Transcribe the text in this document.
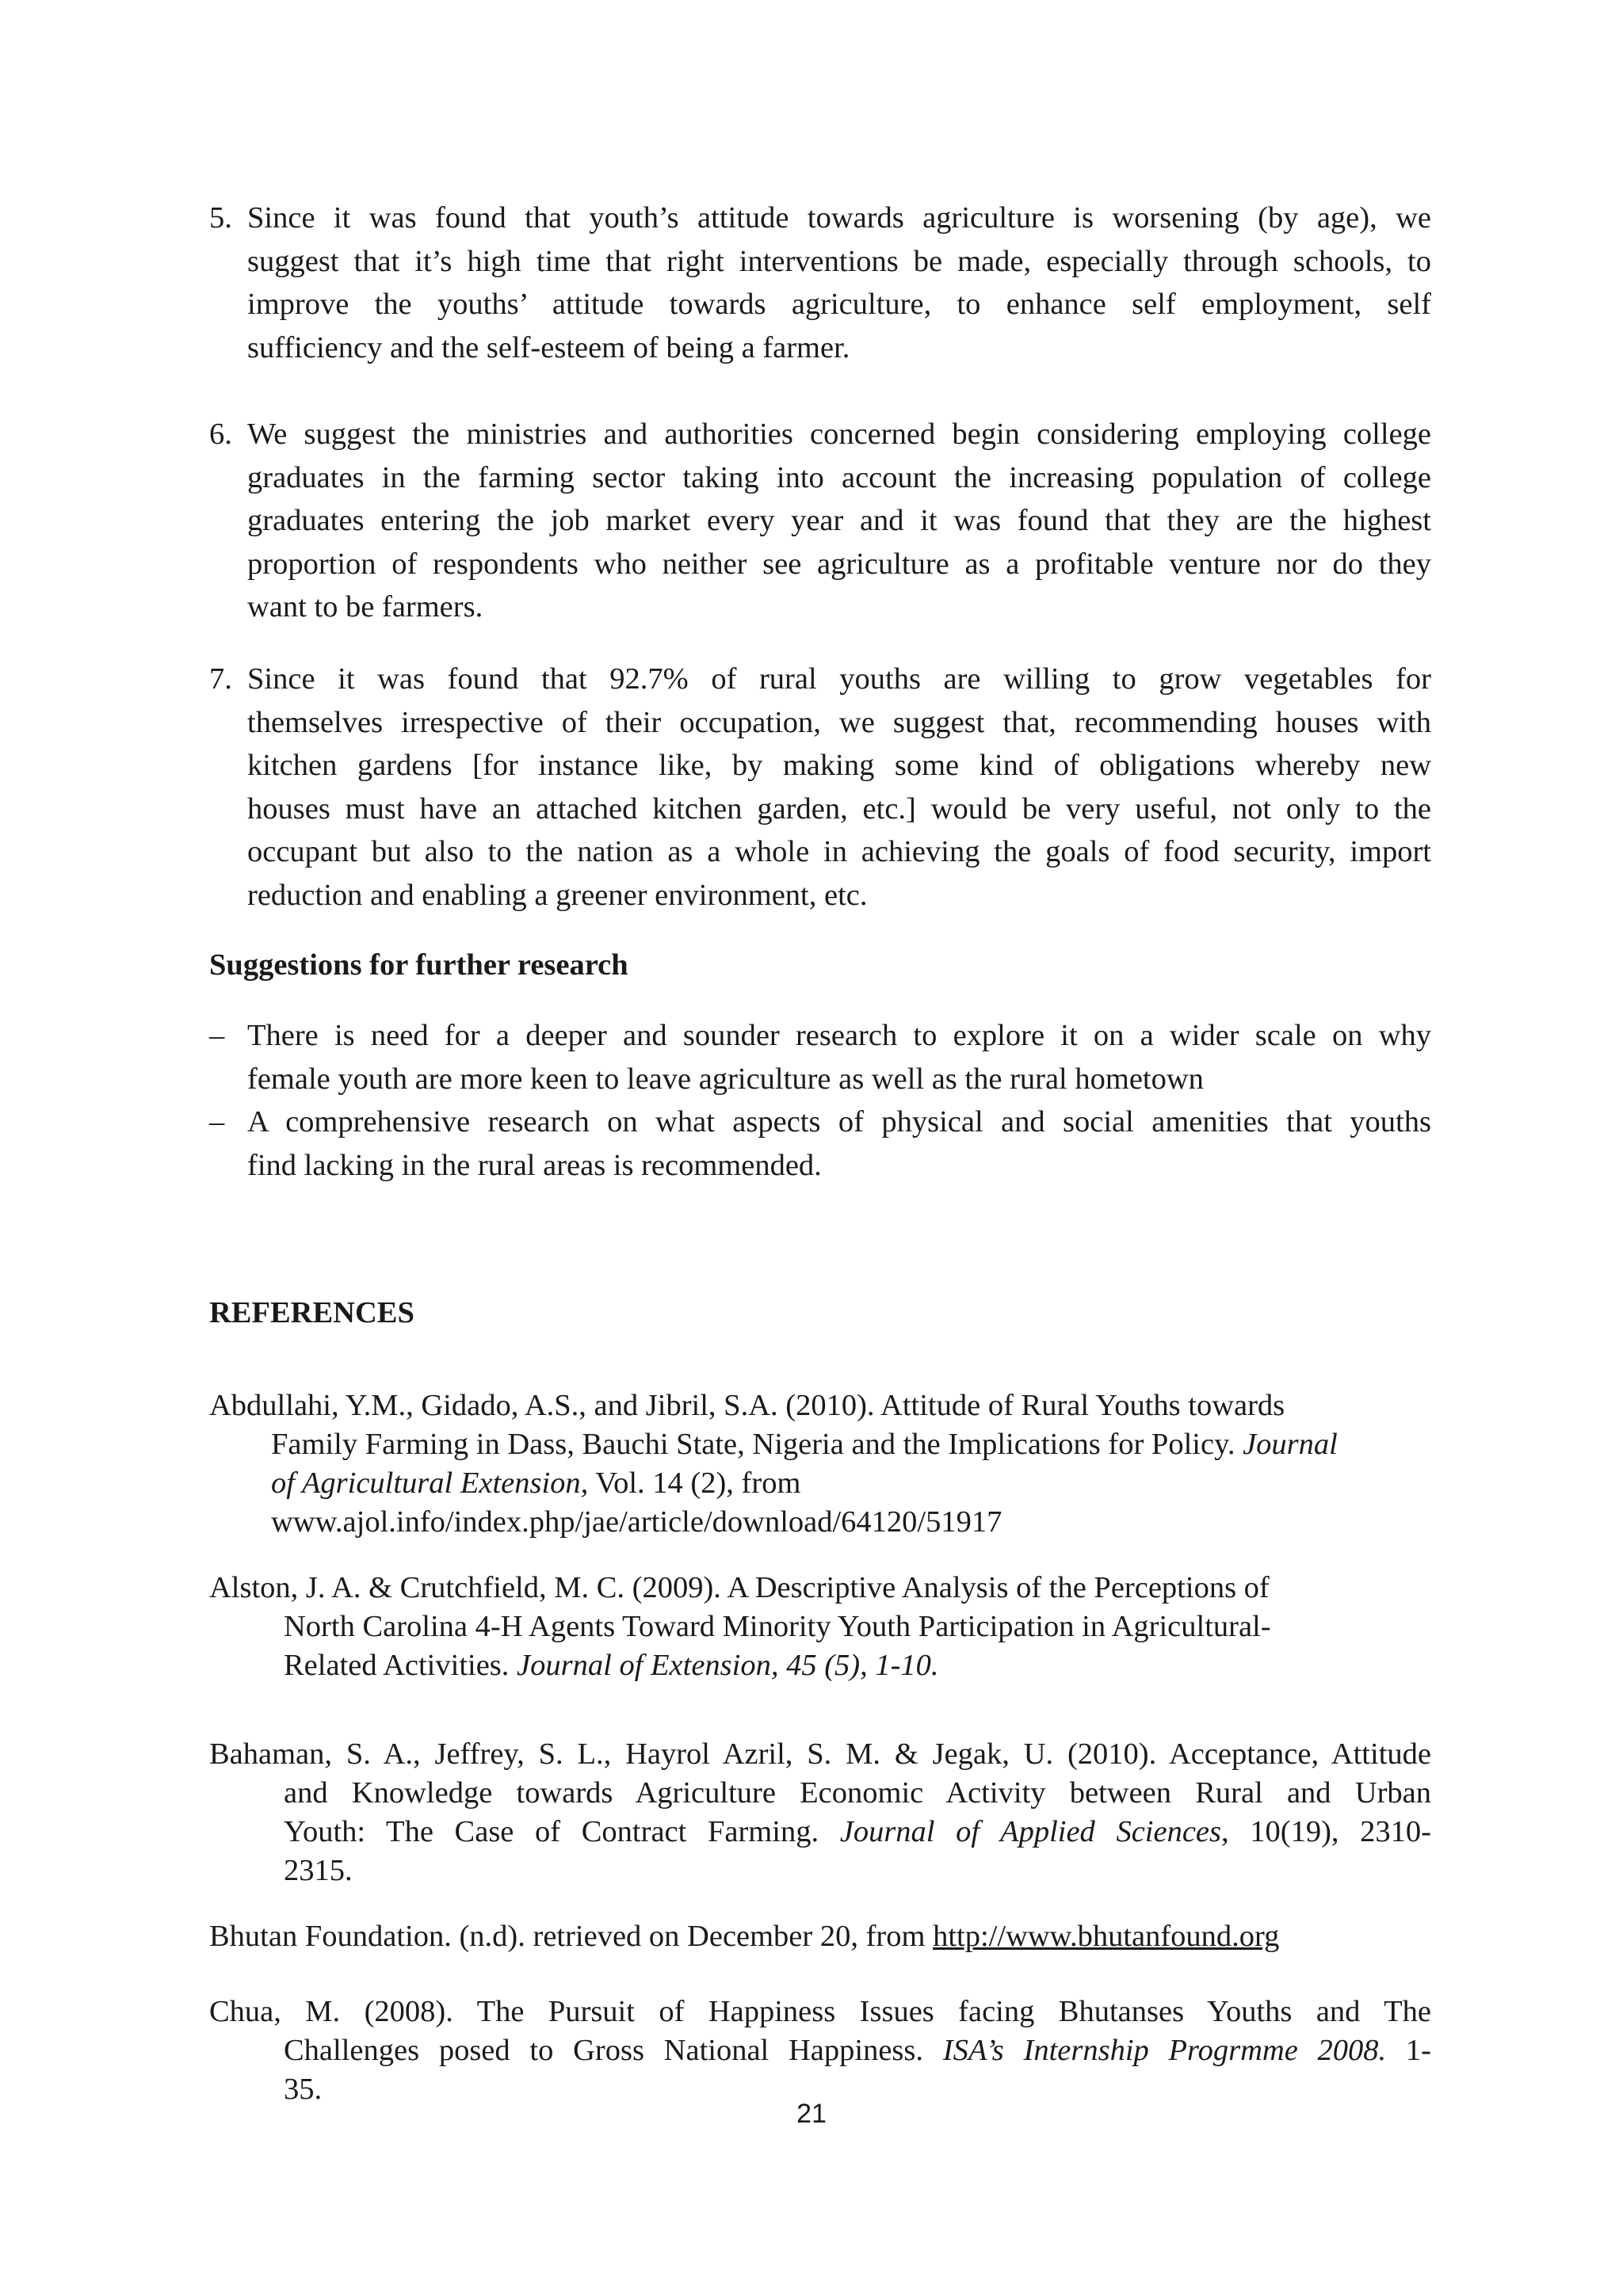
5. Since it was found that youth’s attitude towards agriculture is worsening (by age), we
suggest that it’s high time that right interventions be made, especially through schools, to
improve the youths’ attitude towards agriculture, to enhance self employment, self
sufficiency and the self-esteem of being a farmer.
6. We suggest the ministries and authorities concerned begin considering employing college
graduates in the farming sector taking into account the increasing population of college
graduates entering the job market every year and it was found that they are the highest
proportion of respondents who neither see agriculture as a profitable venture nor do they
want to be farmers.
7. Since it was found that 92.7% of rural youths are willing to grow vegetables for
themselves irrespective of their occupation, we suggest that, recommending houses with
kitchen gardens [for instance like, by making some kind of obligations whereby new
houses must have an attached kitchen garden, etc.] would be very useful, not only to the
occupant but also to the nation as a whole in achieving the goals of food security, import
reduction and enabling a greener environment, etc.
Suggestions for further research
– There is need for a deeper and sounder research to explore it on a wider scale on why
female youth are more keen to leave agriculture as well as the rural hometown
– A comprehensive research on what aspects of physical and social amenities that youths
find lacking in the rural areas is recommended.
REFERENCES
Abdullahi, Y.M., Gidado, A.S., and Jibril, S.A. (2010). Attitude of Rural Youths towards
Family Farming in Dass, Bauchi State, Nigeria and the Implications for Policy. Journal
of Agricultural Extension, Vol. 14 (2), from
www.ajol.info/index.php/jae/article/download/64120/51917
Alston, J. A. & Crutchfield, M. C. (2009). A Descriptive Analysis of the Perceptions of
North Carolina 4-H Agents Toward Minority Youth Participation in Agricultural-
Related Activities. Journal of Extension, 45 (5), 1-10.
Bahaman, S. A., Jeffrey, S. L., Hayrol Azril, S. M. & Jegak, U. (2010). Acceptance, Attitude
and Knowledge towards Agriculture Economic Activity between Rural and Urban
Youth: The Case of Contract Farming. Journal of Applied Sciences, 10(19), 2310-
2315.
Bhutan Foundation. (n.d). retrieved on December 20, from http://www.bhutanfound.org
Chua, M. (2008). The Pursuit of Happiness Issues facing Bhutanses Youths and The
Challenges posed to Gross National Happiness. ISA’s Internship Progrmme 2008. 1-
35.
21
